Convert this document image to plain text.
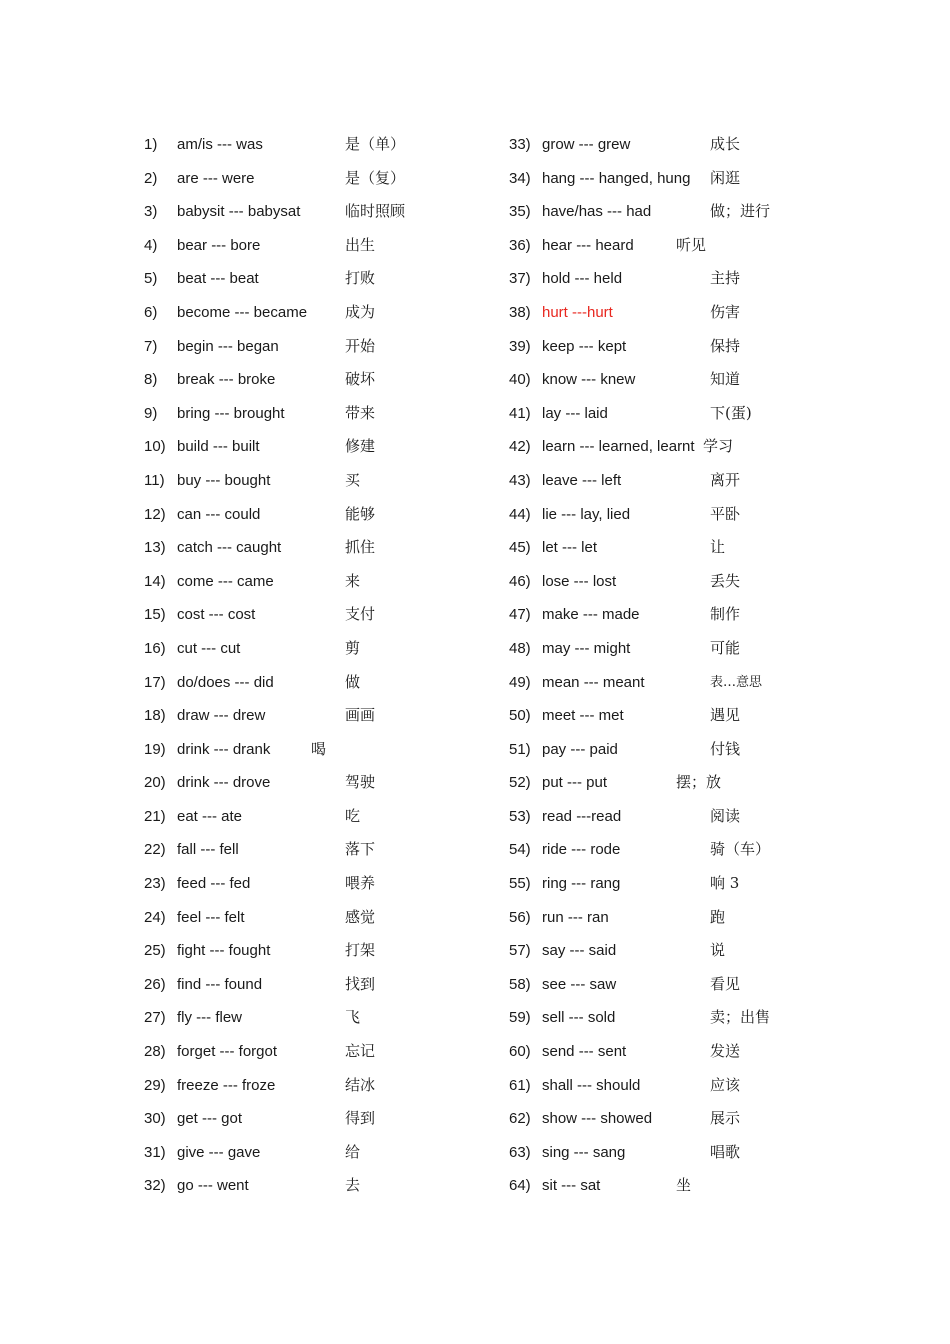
1) am/is --- was	是（单）
2) are --- were	是（复）
3) babysit --- babysat	临时照顾
4) bear --- bore	出生
5) beat --- beat	打败
6) become --- became	成为
7) begin --- began	开始
8) break --- broke	破坏
9) bring --- brought	带来
10) build --- built	修建
11) buy --- bought	买
12) can --- could	能够
13) catch --- caught	抓住
14) come --- came	来
15) cost --- cost	支付
16) cut --- cut	剪
17) do/does --- did	做
18) draw --- drew	画画
19) drink --- drank	喝
20) drink --- drove	驾驶
21) eat --- ate	吃
22) fall --- fell	落下
23) feed --- fed	喂养
24) feel --- felt	感觉
25) fight --- fought	打架
26) find --- found	找到
27) fly --- flew	飞
28) forget --- forgot	忘记
29) freeze --- froze	结冰
30) get --- got	得到
31) give --- gave	给
32) go --- went	去
33) grow --- grew	成长
34) hang --- hanged, hung 闲逛
35) have/has --- had	做；进行
36) hear --- heard	听见
37) hold --- held	主持
38) hurt ---hurt	伤害
39) keep --- kept	保持
40) know --- knew	知道
41) lay --- laid	下(蛋)
42) learn --- learned, learnt 学习
43) leave --- left	离开
44) lie --- lay, lied	平卧
45) let --- let	让
46) lose --- lost	丢失
47) make --- made	制作
48) may --- might	可能
49) mean --- meant	表…意思
50) meet --- met	遇见
51) pay --- paid	付钱
52) put --- put	摆；放
53) read ---read	阅读
54) ride --- rode	骑（车）
55) ring --- rang	响 3
56) run --- ran	跑
57) say --- said	说
58) see --- saw	看见
59) sell --- sold	卖；出售
60) send --- sent	发送
61) shall --- should	应该
62) show --- showed	展示
63) sing --- sang	唱歌
64) sit --- sat	坐
